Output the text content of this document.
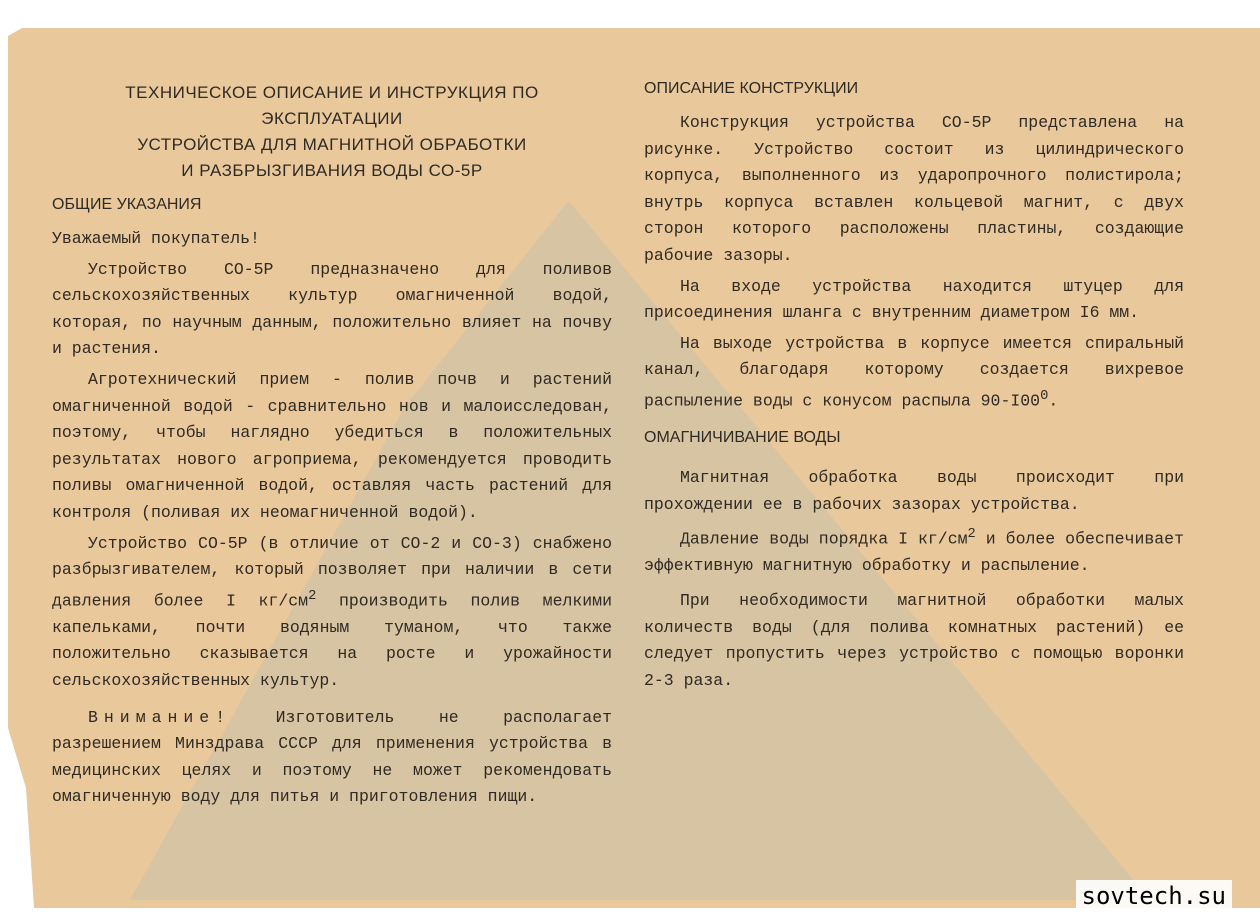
ТЕХНИЧЕСКОЕ ОПИСАНИЕ И ИНСТРУКЦИЯ ПО ЭКСПЛУАТАЦИИ
УСТРОЙСТВА ДЛЯ МАГНИТНОЙ ОБРАБОТКИ
И РАЗБРЫЗГИВАНИЯ ВОДЫ СО-5Р
ОБЩИЕ УКАЗАНИЯ

Уважаемый покупатель!

Устройство СО-5Р предназначено для поливов сельскохозяйственных культур омагниченной водой, которая, по научным данным, положительно влияет на почву и растения.

Агротехнический прием - полив почв и растений омагниченной водой - сравнительно нов и малоисследован, поэтому, чтобы наглядно убедиться в положительных результатах нового агроприема, рекомендуется проводить поливы омагниченной водой, оставляя часть растений для контроля (поливая их неомагниченной водой).

Устройство СО-5Р (в отличие от СО-2 и СО-3) снабжено разбрызгивателем, который позволяет при наличии в сети давления более I $кг/см^2$ производить полив мелкими капельками, почти водяным туманом, что также положительно сказывается на росте и урожайности сельскохозяйственных культур.

Внимание! Изготовитель не располагает разрешением Минздрава СССР для применения устройства в медицинских целях и поэтому не может рекомендовать омагниченную воду для питья и приготовления пищи.

ОПИСАНИЕ КОНСТРУКЦИИ

Конструкция устройства СО-5Р представлена на рисунке. Устройство состоит из цилиндрического корпуса, выполненного из ударопрочного полистирола; внутрь корпуса вставлен кольцевой магнит, с двух сторон которого расположены пластины, создающие рабочие зазоры.

На входе устройства находится штуцер для присоединения шланга с внутренним диаметром I6 мм.

На выходе устройства в корпусе имеется спиральный канал, благодаря которому создается вихревое распыление воды с конусом распыла $90-I00^0$.

ОМАГНИЧИВАНИЕ ВОДЫ

Магнитная обработка воды происходит при прохождении ее в рабочих зазорах устройства.

Давление воды порядка I $кг/см^2$ и более обеспечивает эффективную магнитную обработку и распыление.

При необходимости магнитной обработки малых количеств воды (для полива комнатных растений) ее следует пропустить через устройство с помощью воронки 2-3 раза.

sovtech.su
